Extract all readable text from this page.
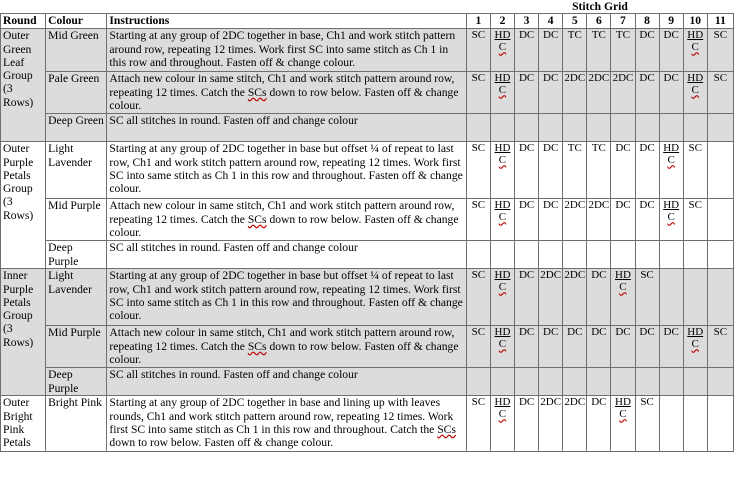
			Stitch Grid										
Round	Colour	Instructions	1	2	3	4	5	6	7	8	9	10	11
Outer Green Leaf Group (3 Rows)	Mid Green	Starting at any group of 2DC together in base, Ch1 and work stitch pattern around row, repeating 12 times. Work first SC into same stitch as Ch 1 in this row and throughout. Fasten off & change colour.	SC	$\frac{HD}{C}$	DC	DC	TC	TC	TC	DC	DC	$\frac{HD}{C}$	SC
	Pale Green	Attach new colour in same stitch, Ch1 and work stitch pattern around row, repeating 12 times. Catch the SCs down to row below. Fasten off & change colour.	SC	$\frac{HD}{C}$	DC	DC	2DC	2DC	2DC	DC	DC	$\frac{HD}{C}$	SC
	Deep Green	SC all stitches in round. Fasten off and change colour											
Outer Purple Petals Group (3 Rows)	Light Lavender	Starting at any group of 2DC together in base but offset ¼ of repeat to last row, Ch1 and work stitch pattern around row, repeating 12 times. Work first SC into same stitch as Ch 1 in this row and throughout. Fasten off & change colour.	SC	$\frac{HD}{C}$	DC	DC	TC	TC	DC	DC	$\frac{HD}{C}$	SC	
	Mid Purple	Attach new colour in same stitch, Ch1 and work stitch pattern around row, repeating 12 times. Catch the SCs down to row below. Fasten off & change colour.	SC	$\frac{HD}{C}$	DC	DC	2DC	2DC	DC	DC	$\frac{HD}{C}$	SC	
	Deep Purple	SC all stitches in round. Fasten off and change colour											
Inner Purple Petals Group (3 Rows)	Light Lavender	Starting at any group of 2DC together in base but offset ¼ of repeat to last row, Ch1 and work stitch pattern around row, repeating 12 times. Work first SC into same stitch as Ch 1 in this row and throughout. Fasten off & change colour.	SC	$\frac{HD}{C}$	DC	2DC	2DC	DC	$\frac{HD}{C}$	SC			
	Mid Purple	Attach new colour in same stitch, Ch1 and work stitch pattern around row, repeating 12 times. Catch the SCs down to row below. Fasten off & change colour.	SC	$\frac{HD}{C}$	DC	DC	DC	DC	DC	DC	DC	$\frac{HD}{C}$	SC
	Deep Purple	SC all stitches in round. Fasten off and change colour											
Outer Bright Pink Petals	Bright Pink	Starting at any group of 2DC together in base and lining up with leaves rounds, Ch1 and work stitch pattern around row, repeating 12 times. Work first SC into same stitch as Ch 1 in this row and throughout. Catch the SCs down to row below. Fasten off & change colour.	SC	$\frac{HD}{C}$	DC	2DC	2DC	DC	$\frac{HD}{C}$	SC			
